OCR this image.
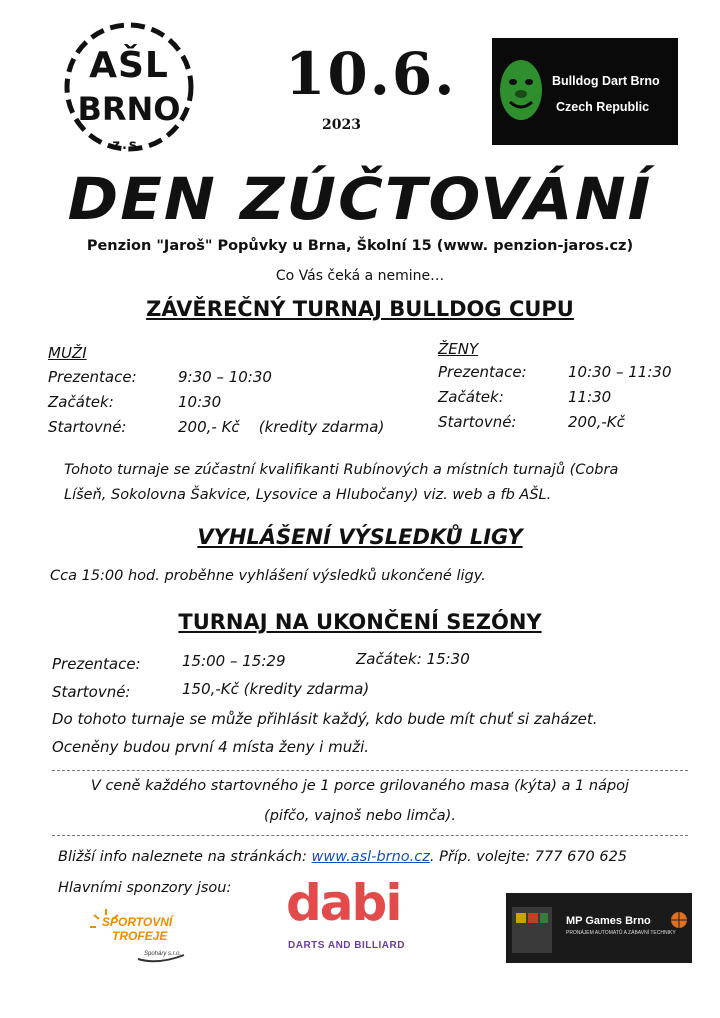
AŠL
BRNO
z.s.
10.6.
2023
Bulldog Dart Brno
Czech Republic
DEN ZÚČTOVÁNÍ
Penzion "Jaroš" Popůvky u Brna, Školní 15 (www. penzion-jaros.cz)
Co Vás čeká a nemine…
ZÁVĚREČNÝ TURNAJ BULLDOG CUPU
MUŽI
Prezentace:	9:30 – 10:30
Začátek:	10:30
Startovné:	200,- Kč    (kredity zdarma)
ŽENY
Prezentace:	10:30 – 11:30
Začátek:	11:30
Startovné:	200,-Kč
Tohoto turnaje se zúčastní kvalifikanti Rubínových a místních turnajů (Cobra
Líšeň, Sokolovna Šakvice, Lysovice a Hlubočany) viz. web a fb AŠL.
VYHLÁŠENÍ VÝSLEDKŮ LIGY
Cca 15:00 hod. proběhne vyhlášení výsledků ukončené ligy.
TURNAJ NA UKONČENÍ SEZÓNY
Prezentace:	15:00 – 15:29	Začátek: 15:30
Startovné:	150,-Kč (kredity zdarma)
Do tohoto turnaje se může přihlásit každý, kdo bude mít chuť si zaházet.
Oceněny budou první 4 místa ženy i muži.
V ceně každého startovného je 1 porce grilovaného masa (kýta) a 1 nápoj
(pifčo, vajnoš nebo limča).
Bližší info naleznete na stránkách: www.asl-brno.cz. Příp. volejte: 777 670 625
Hlavními sponzory jsou:
SPORTOVNÍ
TROFEJE
Spoháry s.r.o.
dabi
DARTS AND BILLIARD
MP Games Brno
PRONÁJEM AUTOMATŮ A ZÁBAVNÍ TECHNIKY
